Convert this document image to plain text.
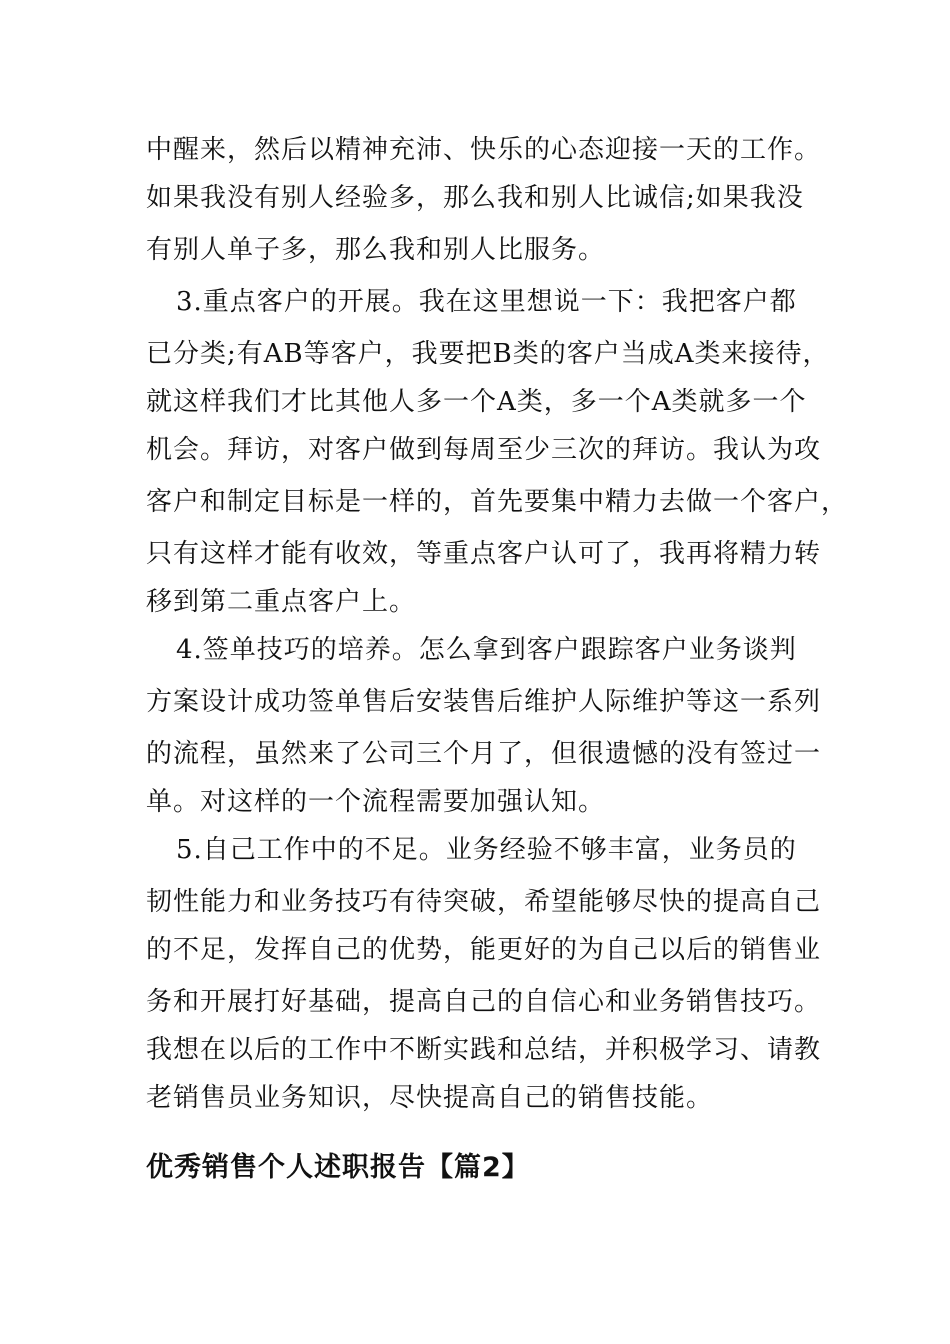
中醒来，然后以精神充沛、快乐的心态迎接一天的工作。
如果我没有别人经验多，那么我和别人比诚信;如果我没
有别人单子多，那么我和别人比服务。
3.重点客户的开展。我在这里想说一下：我把客户都
已分类;有AB等客户，我要把B类的客户当成A类来接待，
就这样我们才比其他人多一个A类，多一个A类就多一个
机会。拜访，对客户做到每周至少三次的拜访。我认为攻
客户和制定目标是一样的，首先要集中精力去做一个客户，
只有这样才能有收效，等重点客户认可了，我再将精力转
移到第二重点客户上。
4.签单技巧的培养。怎么拿到客户跟踪客户业务谈判
方案设计成功签单售后安装售后维护人际维护等这一系列
的流程，虽然来了公司三个月了，但很遗憾的没有签过一
单。对这样的一个流程需要加强认知。
5.自己工作中的不足。业务经验不够丰富，业务员的
韧性能力和业务技巧有待突破，希望能够尽快的提高自己
的不足，发挥自己的优势，能更好的为自己以后的销售业
务和开展打好基础，提高自己的自信心和业务销售技巧。
我想在以后的工作中不断实践和总结，并积极学习、请教
老销售员业务知识，尽快提高自己的销售技能。
优秀销售个人述职报告【篇2】
